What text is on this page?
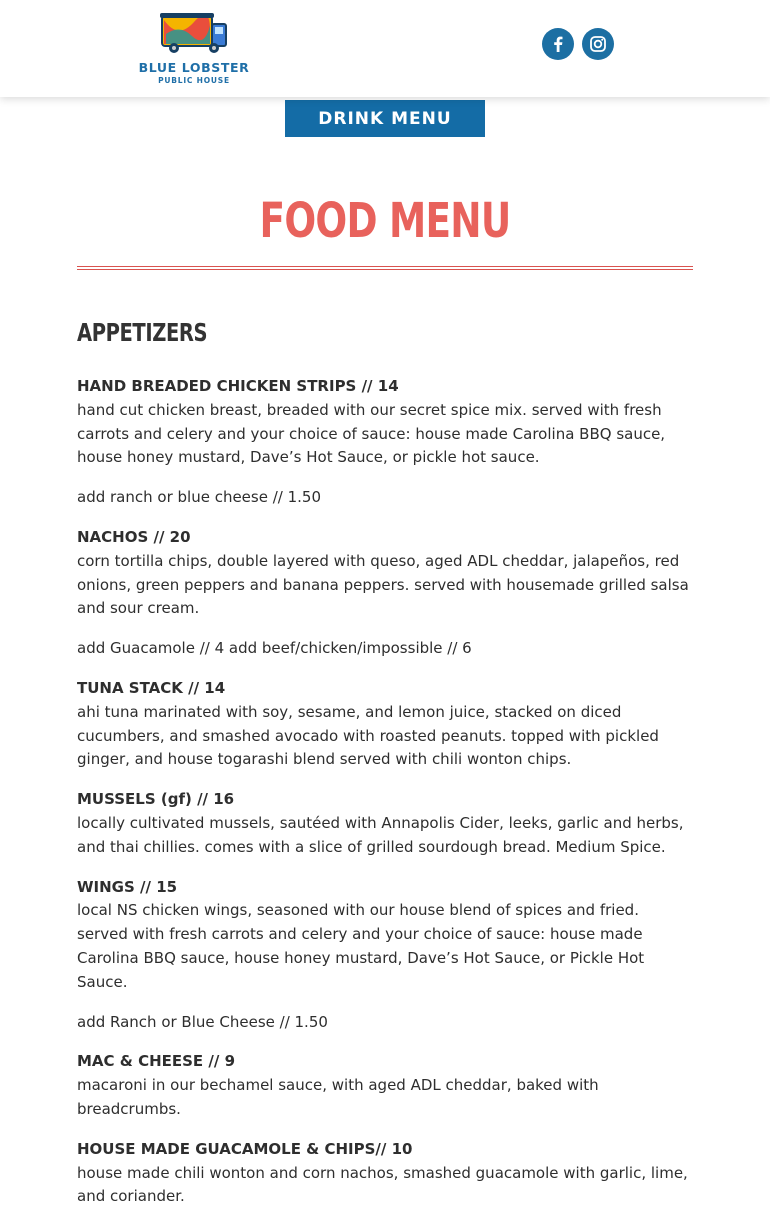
BLUE LOBSTER
PUBLIC HOUSE
DRINK MENU
FOOD MENU
APPETIZERS

HAND BREADED CHICKEN STRIPS // 14

hand cut chicken breast, breaded with our secret spice mix. served with fresh

carrots and celery and your choice of sauce: house made Carolina BBQ sauce,

house honey mustard, Dave’s Hot Sauce, or pickle hot sauce.

add ranch or blue cheese // 1.50

NACHOS // 20

corn tortilla chips, double layered with queso, aged ADL cheddar, jalapeños, red

onions, green peppers and banana peppers. served with housemade grilled salsa

and sour cream.

add Guacamole // 4 add beef/chicken/impossible // 6

TUNA STACK // 14

ahi tuna marinated with soy, sesame, and lemon juice, stacked on diced

cucumbers, and smashed avocado with roasted peanuts. topped with pickled

ginger, and house togarashi blend served with chili wonton chips.

MUSSELS (gf) // 16

locally cultivated mussels, sautéed with Annapolis Cider, leeks, garlic and herbs,

and thai chillies. comes with a slice of grilled sourdough bread. Medium Spice.

WINGS // 15

local NS chicken wings, seasoned with our house blend of spices and fried.

served with fresh carrots and celery and your choice of sauce: house made

Carolina BBQ sauce, house honey mustard, Dave’s Hot Sauce, or Pickle Hot

Sauce.

add Ranch or Blue Cheese // 1.50

MAC & CHEESE // 9

macaroni in our bechamel sauce, with aged ADL cheddar, baked with

breadcrumbs.

HOUSE MADE GUACAMOLE & CHIPS// 10

house made chili wonton and corn nachos, smashed guacamole with garlic, lime,

and coriander.
